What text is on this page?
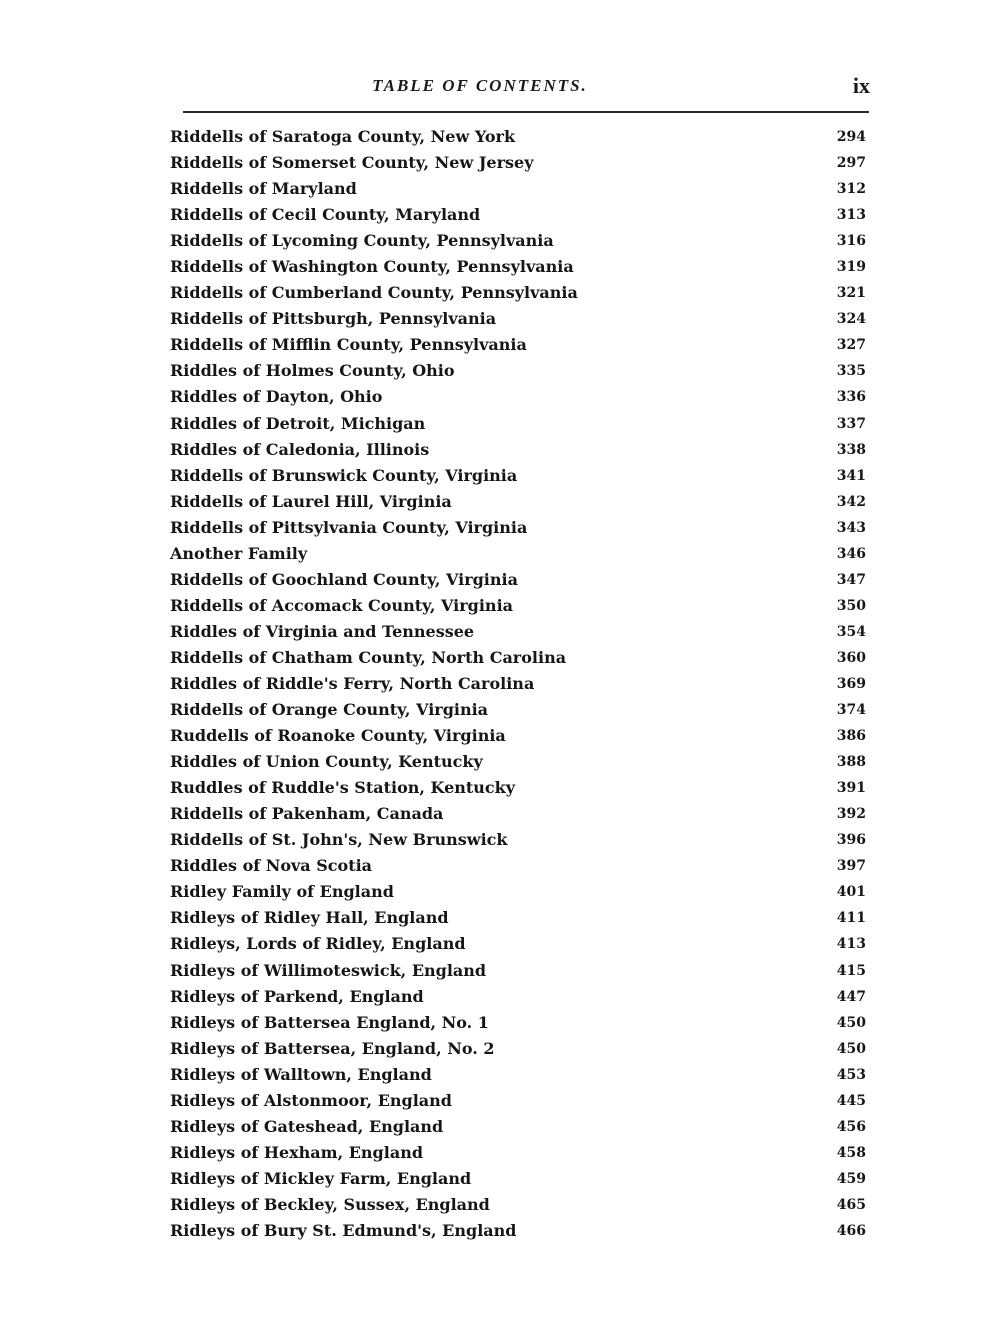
TABLE OF CONTENTS.	ix
Riddells of Saratoga County, New York	294
Riddells of Somerset County, New Jersey	297
Riddells of Maryland	312
Riddells of Cecil County, Maryland	313
Riddells of Lycoming County, Pennsylvania	316
Riddells of Washington County, Pennsylvania	319
Riddells of Cumberland County, Pennsylvania	321
Riddells of Pittsburgh, Pennsylvania	324
Riddells of Mifflin County, Pennsylvania	327
Riddles of Holmes County, Ohio	335
Riddles of Dayton, Ohio	336
Riddles of Detroit, Michigan	337
Riddles of Caledonia, Illinois	338
Riddells of Brunswick County, Virginia	341
Riddells of Laurel Hill, Virginia	342
Riddells of Pittsylvania County, Virginia	343
Another Family	346
Riddells of Goochland County, Virginia	347
Riddells of Accomack County, Virginia	350
Riddles of Virginia and Tennessee	354
Riddells of Chatham County, North Carolina	360
Riddles of Riddle's Ferry, North Carolina	369
Riddells of Orange County, Virginia	374
Ruddells of Roanoke County, Virginia	386
Riddles of Union County, Kentucky	388
Ruddles of Ruddle's Station, Kentucky	391
Riddells of Pakenham, Canada	392
Riddells of St. John's, New Brunswick	396
Riddles of Nova Scotia	397
Ridley Family of England	401
Ridleys of Ridley Hall, England	411
Ridleys, Lords of Ridley, England	413
Ridleys of Willimoteswick, England	415
Ridleys of Parkend, England	447
Ridleys of Battersea England, No. 1	450
Ridleys of Battersea, England, No. 2	450
Ridleys of Walltown, England	453
Ridleys of Alstonmoor, England	445
Ridleys of Gateshead, England	456
Ridleys of Hexham, England	458
Ridleys of Mickley Farm, England	459
Ridleys of Beckley, Sussex, England	465
Ridleys of Bury St. Edmund's, England	466
